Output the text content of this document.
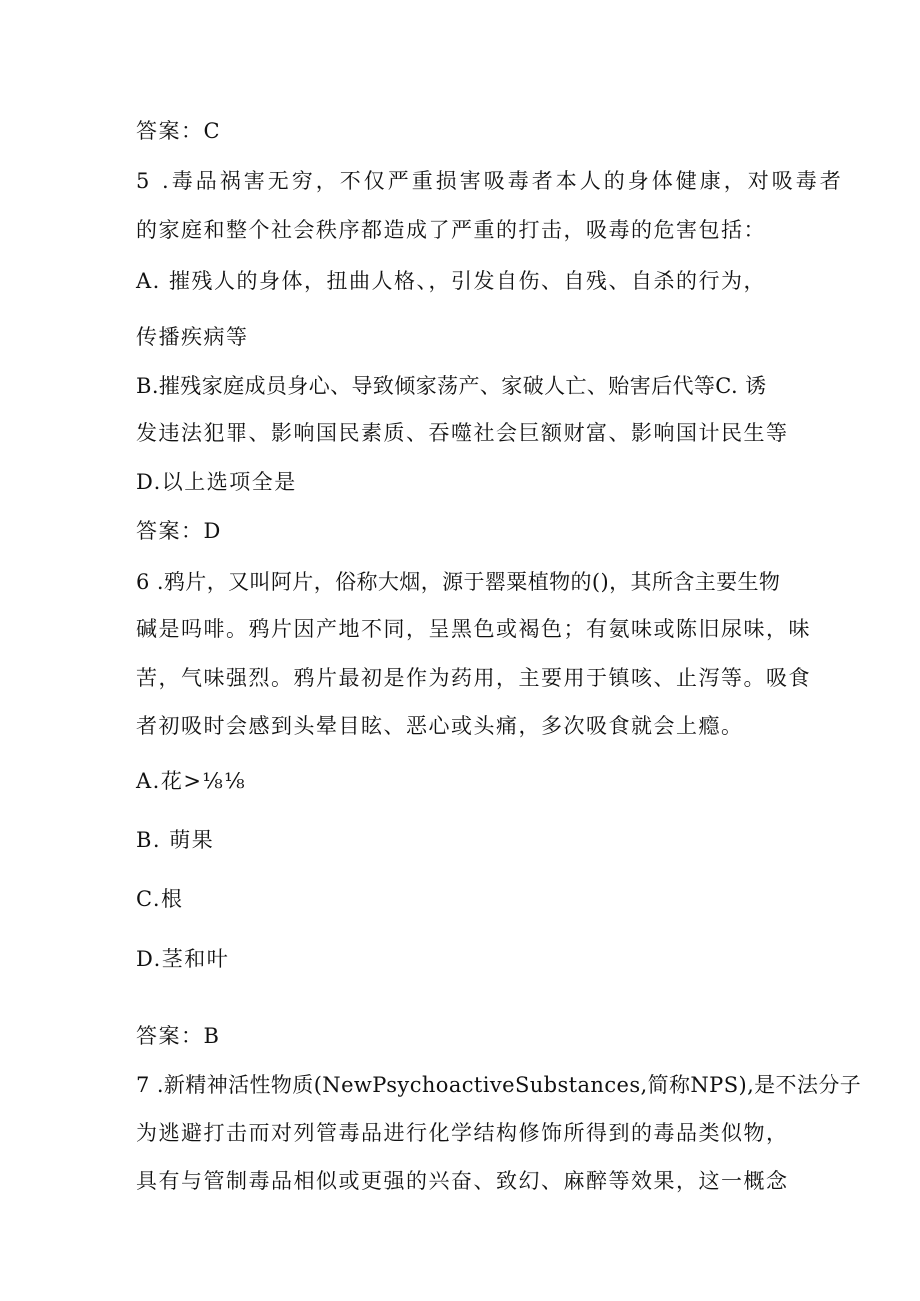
答案：C
5 .毒品祸害无穷，不仅严重损害吸毒者本人的身体健康，对吸毒者
的家庭和整个社会秩序都造成了严重的打击，吸毒的危害包括：
A. 摧残人的身体，扭曲人格、，引发自伤、自残、自杀的行为，
传播疾病等
B.摧残家庭成员身心、导致倾家荡产、家破人亡、贻害后代等C. 诱
发违法犯罪、影响国民素质、吞噬社会巨额财富、影响国计民生等
D.以上选项全是
答案：D
6 .鸦片，又叫阿片，俗称大烟，源于罂粟植物的()，其所含主要生物
碱是吗啡。鸦片因产地不同，呈黑色或褐色；有氨味或陈旧尿味，味
苦，气味强烈。鸦片最初是作为药用，主要用于镇咳、止泻等。吸食
者初吸时会感到头晕目眩、恶心或头痛，多次吸食就会上瘾。
A.花>⅛⅛
B. 萌果
C.根
D.茎和叶
答案：B
7 .新精神活性物质(NewPsychoactiveSubstances,简称NPS),是不法分子
为逃避打击而对列管毒品进行化学结构修饰所得到的毒品类似物，
具有与管制毒品相似或更强的兴奋、致幻、麻醉等效果，这一概念
